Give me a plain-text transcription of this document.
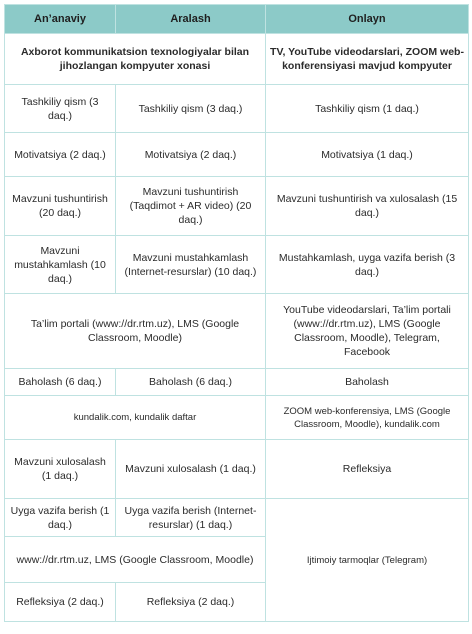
An’anaviy	Aralash	Onlayn
Axborot kommunikatsion texnologiyalar bilan jihozlangan kompyuter xonasi		TV, YouTube videodarslari, ZOOM web-konferensiyasi mavjud kompyuter
Tashkiliy qism (3 daq.)	Tashkiliy qism (3 daq.)	Tashkiliy qism (1 daq.)
Motivatsiya (2 daq.)	Motivatsiya (2 daq.)	Motivatsiya (1 daq.)
Mavzuni tushuntirish (20 daq.)	Mavzuni tushuntirish (Taqdimot + AR video) (20 daq.)	Mavzuni tushuntirish va xulosalash (15 daq.)
Mavzuni mustahkamlash (10 daq.)	Mavzuni mustahkamlash (Internet-resurslar) (10 daq.)	Mustahkamlash, uyga vazifa berish (3 daq.)
Ta’lim portali (www://dr.rtm.uz), LMS (Google Classroom, Moodle)		YouTube videodarslari, Ta’lim portali (www://dr.rtm.uz), LMS (Google Classroom, Moodle), Telegram, Facebook
Baholash (6 daq.)	Baholash (6 daq.)	Baholash
kundalik.com, kundalik daftar		ZOOM web-konferensiya, LMS (Google Classroom, Moodle), kundalik.com
Mavzuni xulosalash (1 daq.)	Mavzuni xulosalash (1 daq.)	Refleksiya
Uyga vazifa berish (1 daq.)	Uyga vazifa berish (Internet-resurslar) (1 daq.)	Ijtimoiy tarmoqlar (Telegram)
www://dr.rtm.uz, LMS (Google Classroom, Moodle)		
Refleksiya (2 daq.)	Refleksiya (2 daq.)	
